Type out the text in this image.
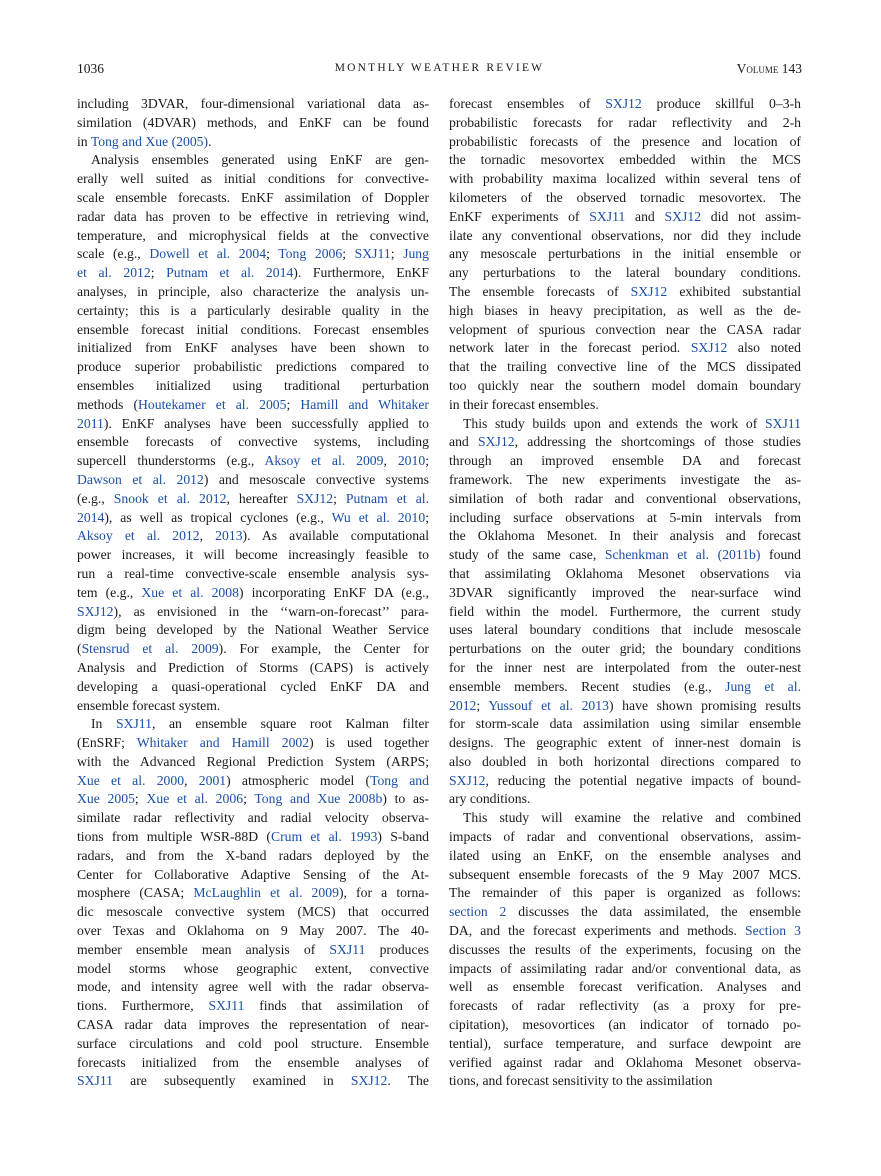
1036	MONTHLY WEATHER REVIEW	Volume 143
including 3DVAR, four-dimensional variational data as-
similation (4DVAR) methods, and EnKF can be found
in Tong and Xue (2005).
Analysis ensembles generated using EnKF are gen-
erally well suited as initial conditions for convective-
scale ensemble forecasts. EnKF assimilation of Doppler
radar data has proven to be effective in retrieving wind,
temperature, and microphysical fields at the convective
scale (e.g., Dowell et al. 2004; Tong 2006; SXJ11; Jung
et al. 2012; Putnam et al. 2014). Furthermore, EnKF
analyses, in principle, also characterize the analysis un-
certainty; this is a particularly desirable quality in the
ensemble forecast initial conditions. Forecast ensembles
initialized from EnKF analyses have been shown to
produce superior probabilistic predictions compared to
ensembles initialized using traditional perturbation
methods (Houtekamer et al. 2005; Hamill and Whitaker
2011). EnKF analyses have been successfully applied to
ensemble forecasts of convective systems, including
supercell thunderstorms (e.g., Aksoy et al. 2009, 2010;
Dawson et al. 2012) and mesoscale convective systems
(e.g., Snook et al. 2012, hereafter SXJ12; Putnam et al.
2014), as well as tropical cyclones (e.g., Wu et al. 2010;
Aksoy et al. 2012, 2013). As available computational
power increases, it will become increasingly feasible to
run a real-time convective-scale ensemble analysis sys-
tem (e.g., Xue et al. 2008) incorporating EnKF DA (e.g.,
SXJ12), as envisioned in the ‘‘warn-on-forecast’’ para-
digm being developed by the National Weather Service
(Stensrud et al. 2009). For example, the Center for
Analysis and Prediction of Storms (CAPS) is actively
developing a quasi-operational cycled EnKF DA and
ensemble forecast system.
In SXJ11, an ensemble square root Kalman filter
(EnSRF; Whitaker and Hamill 2002) is used together
with the Advanced Regional Prediction System (ARPS;
Xue et al. 2000, 2001) atmospheric model (Tong and
Xue 2005; Xue et al. 2006; Tong and Xue 2008b) to as-
similate radar reflectivity and radial velocity observa-
tions from multiple WSR-88D (Crum et al. 1993) S-band
radars, and from the X-band radars deployed by the
Center for Collaborative Adaptive Sensing of the At-
mosphere (CASA; McLaughlin et al. 2009), for a torna-
dic mesoscale convective system (MCS) that occurred
over Texas and Oklahoma on 9 May 2007. The 40-
member ensemble mean analysis of SXJ11 produces
model storms whose geographic extent, convective
mode, and intensity agree well with the radar observa-
tions. Furthermore, SXJ11 finds that assimilation of
CASA radar data improves the representation of near-
surface circulations and cold pool structure. Ensemble
forecasts initialized from the ensemble analyses of
SXJ11 are subsequently examined in SXJ12. The
forecast ensembles of SXJ12 produce skillful 0–3-h
probabilistic forecasts for radar reflectivity and 2-h
probabilistic forecasts of the presence and location of
the tornadic mesovortex embedded within the MCS
with probability maxima localized within several tens of
kilometers of the observed tornadic mesovortex. The
EnKF experiments of SXJ11 and SXJ12 did not assim-
ilate any conventional observations, nor did they include
any mesoscale perturbations in the initial ensemble or
any perturbations to the lateral boundary conditions.
The ensemble forecasts of SXJ12 exhibited substantial
high biases in heavy precipitation, as well as the de-
velopment of spurious convection near the CASA radar
network later in the forecast period. SXJ12 also noted
that the trailing convective line of the MCS dissipated
too quickly near the southern model domain boundary
in their forecast ensembles.
This study builds upon and extends the work of SXJ11
and SXJ12, addressing the shortcomings of those studies
through an improved ensemble DA and forecast
framework. The new experiments investigate the as-
similation of both radar and conventional observations,
including surface observations at 5-min intervals from
the Oklahoma Mesonet. In their analysis and forecast
study of the same case, Schenkman et al. (2011b) found
that assimilating Oklahoma Mesonet observations via
3DVAR significantly improved the near-surface wind
field within the model. Furthermore, the current study
uses lateral boundary conditions that include mesoscale
perturbations on the outer grid; the boundary conditions
for the inner nest are interpolated from the outer-nest
ensemble members. Recent studies (e.g., Jung et al.
2012; Yussouf et al. 2013) have shown promising results
for storm-scale data assimilation using similar ensemble
designs. The geographic extent of inner-nest domain is
also doubled in both horizontal directions compared to
SXJ12, reducing the potential negative impacts of bound-
ary conditions.
This study will examine the relative and combined
impacts of radar and conventional observations, assim-
ilated using an EnKF, on the ensemble analyses and
subsequent ensemble forecasts of the 9 May 2007 MCS.
The remainder of this paper is organized as follows:
section 2 discusses the data assimilated, the ensemble
DA, and the forecast experiments and methods. Section 3
discusses the results of the experiments, focusing on the
impacts of assimilating radar and/or conventional data, as
well as ensemble forecast verification. Analyses and
forecasts of radar reflectivity (as a proxy for pre-
cipitation), mesovortices (an indicator of tornado po-
tential), surface temperature, and surface dewpoint are
verified against radar and Oklahoma Mesonet observa-
tions, and forecast sensitivity to the assimilation
